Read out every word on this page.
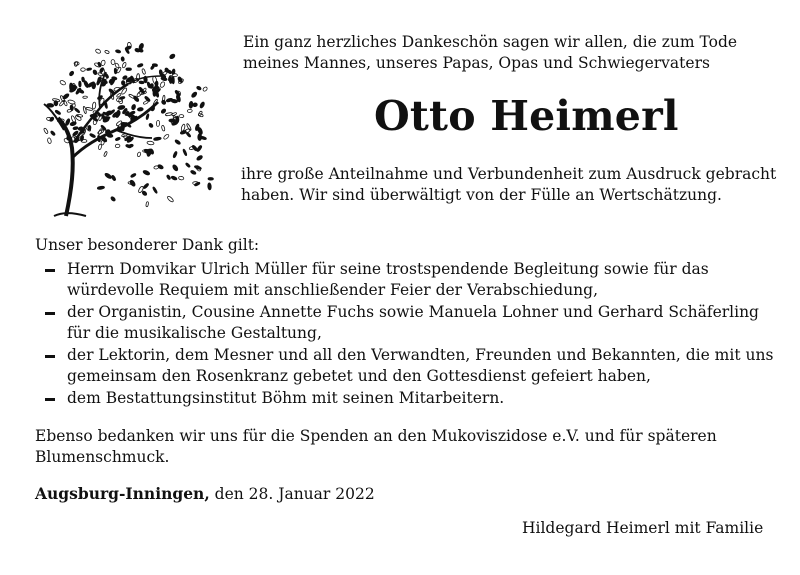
Ein ganz herzliches Dankeschön sagen wir allen, die zum Tode
meines Mannes, unseres Papas, Opas und Schwiegervaters
Otto Heimerl
ihre große Anteilnahme und Verbundenheit zum Ausdruck gebracht
haben. Wir sind überwältigt von der Fülle an Wertschätzung.
Unser besonderer Dank gilt:
Herrn Domvikar Ulrich Müller für seine trostspendende Begleitung sowie für das
würdevolle Requiem mit anschließender Feier der Verabschiedung,
der Organistin, Cousine Annette Fuchs sowie Manuela Lohner und Gerhard Schäferling
für die musikalische Gestaltung,
der Lektorin, dem Mesner und all den Verwandten, Freunden und Bekannten, die mit uns
gemeinsam den Rosenkranz gebetet und den Gottesdienst gefeiert haben,
dem Bestattungsinstitut Böhm mit seinen Mitarbeitern.
Ebenso bedanken wir uns für die Spenden an den Mukoviszidose e.V. und für späteren
Blumenschmuck.
Augsburg-Inningen, den 28. Januar 2022
Hildegard Heimerl mit Familie
